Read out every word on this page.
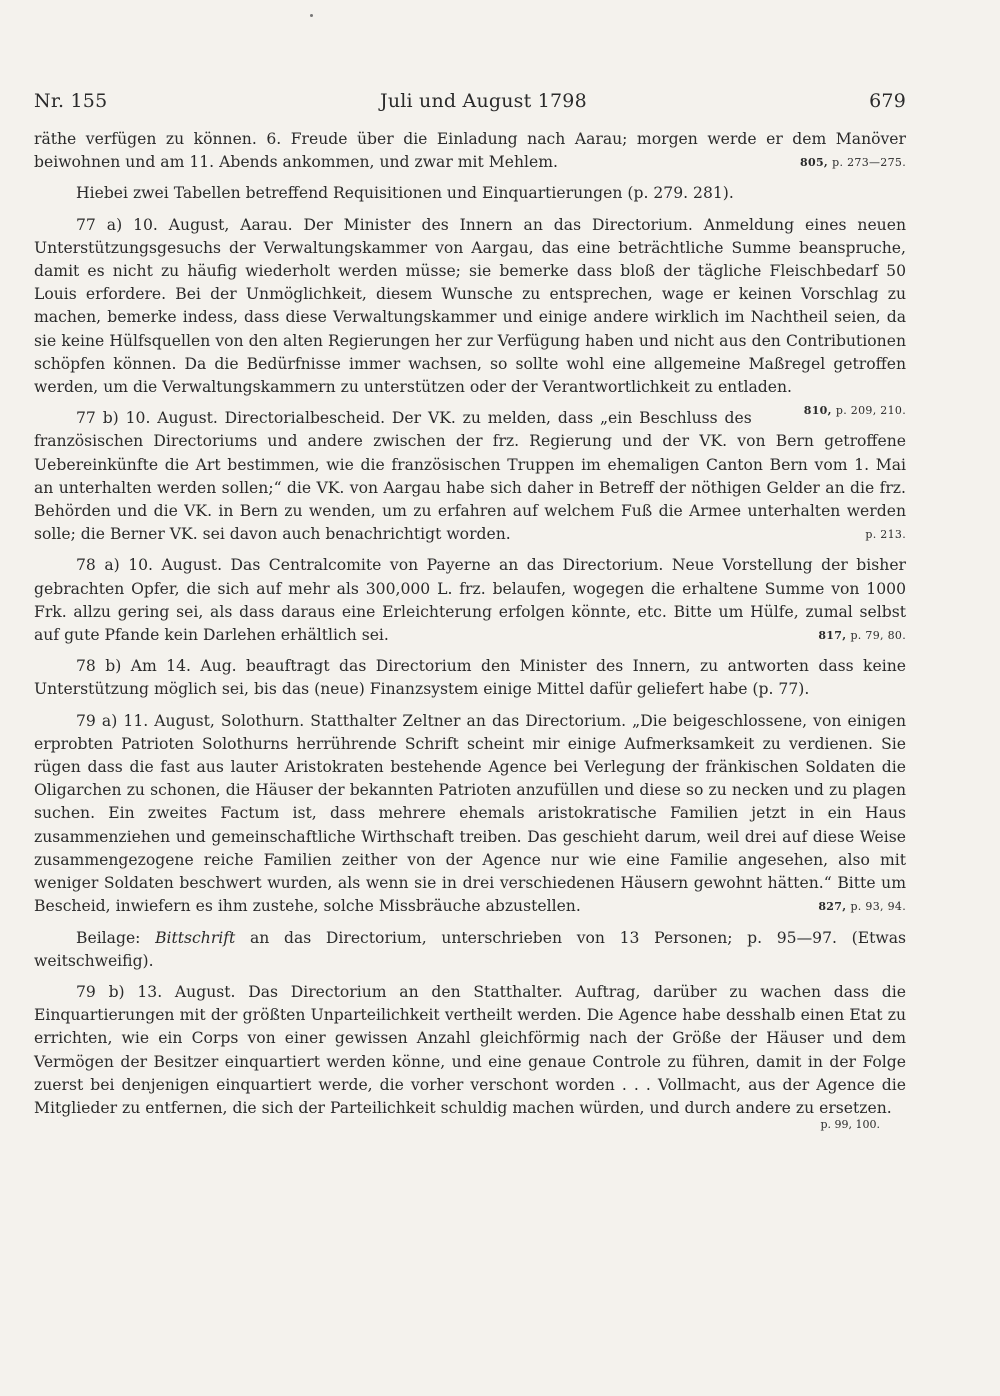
Nr. 155	Juli und August 1798	679

räthe verfügen zu können. 6. Freude über die Einladung nach Aarau; morgen werde er dem Manöver beiwohnen und am 11. Abends ankommen, und zwar mit Mehlem.	805, p. 273—275.

Hiebei zwei Tabellen betreffend Requisitionen und Einquartierungen (p. 279. 281).

77 a) 10. August, Aarau. Der Minister des Innern an das Directorium. Anmeldung eines neuen Unterstützungsgesuchs der Verwaltungskammer von Aargau, das eine beträchtliche Summe beanspruche, damit es nicht zu häufig wiederholt werden müsse; sie bemerke dass bloß der tägliche Fleischbedarf 50 Louis erfordere. Bei der Unmöglichkeit, diesem Wunsche zu entsprechen, wage er keinen Vorschlag zu machen, bemerke indess, dass diese Verwaltungskammer und einige andere wirklich im Nachtheil seien, da sie keine Hülfsquellen von den alten Regierungen her zur Verfügung haben und nicht aus den Contributionen schöpfen können. Da die Bedürfnisse immer wachsen, so sollte wohl eine allgemeine Maßregel getroffen werden, um die Verwaltungskammern zu unterstützen oder der Verantwortlichkeit zu entladen.
810, p. 209, 210.

77 b) 10. August. Directorialbescheid. Der VK. zu melden, dass „ein Beschluss des französischen Directoriums und andere zwischen der frz. Regierung und der VK. von Bern getroffene Uebereinkünfte die Art bestimmen, wie die französischen Truppen im ehemaligen Canton Bern vom 1. Mai an unterhalten werden sollen;“ die VK. von Aargau habe sich daher in Betreff der nöthigen Gelder an die frz. Behörden und die VK. in Bern zu wenden, um zu erfahren auf welchem Fuß die Armee unterhalten werden solle; die Berner VK. sei davon auch benachrichtigt worden.	p. 213.

78 a) 10. August. Das Centralcomite von Payerne an das Directorium. Neue Vorstellung der bisher gebrachten Opfer, die sich auf mehr als 300,000 L. frz. belaufen, wogegen die erhaltene Summe von 1000 Frk. allzu gering sei, als dass daraus eine Erleichterung erfolgen könnte, etc. Bitte um Hülfe, zumal selbst auf gute Pfande kein Darlehen erhältlich sei.	817, p. 79, 80.

78 b) Am 14. Aug. beauftragt das Directorium den Minister des Innern, zu antworten dass keine Unterstützung möglich sei, bis das (neue) Finanzsystem einige Mittel dafür geliefert habe (p. 77).

79 a) 11. August, Solothurn. Statthalter Zeltner an das Directorium. „Die beigeschlossene, von einigen erprobten Patrioten Solothurns herrührende Schrift scheint mir einige Aufmerksamkeit zu verdienen. Sie rügen dass die fast aus lauter Aristokraten bestehende Agence bei Verlegung der fränkischen Soldaten die Oligarchen zu schonen, die Häuser der bekannten Patrioten anzufüllen und diese so zu necken und zu plagen suchen. Ein zweites Factum ist, dass mehrere ehemals aristokratische Familien jetzt in ein Haus zusammenziehen und gemeinschaftliche Wirthschaft treiben. Das geschieht darum, weil drei auf diese Weise zusammengezogene reiche Familien zeither von der Agence nur wie eine Familie angesehen, also mit weniger Soldaten beschwert wurden, als wenn sie in drei verschiedenen Häusern gewohnt hätten.“ Bitte um Bescheid, inwiefern es ihm zustehe, solche Missbräuche abzustellen.	827, p. 93, 94.

Beilage: Bittschrift an das Directorium, unterschrieben von 13 Personen; p. 95—97. (Etwas weitschweifig).

79 b) 13. August. Das Directorium an den Statthalter. Auftrag, darüber zu wachen dass die Einquartierungen mit der größten Unparteilichkeit vertheilt werden. Die Agence habe desshalb einen Etat zu errichten, wie ein Corps von einer gewissen Anzahl gleichförmig nach der Größe der Häuser und dem Vermögen der Besitzer einquartiert werden könne, und eine genaue Controle zu führen, damit in der Folge zuerst bei denjenigen einquartiert werde, die vorher verschont worden . . . Vollmacht, aus der Agence die Mitglieder zu entfernen, die sich der Parteilichkeit schuldig machen würden, und durch andere zu ersetzen.

p. 99, 100.
